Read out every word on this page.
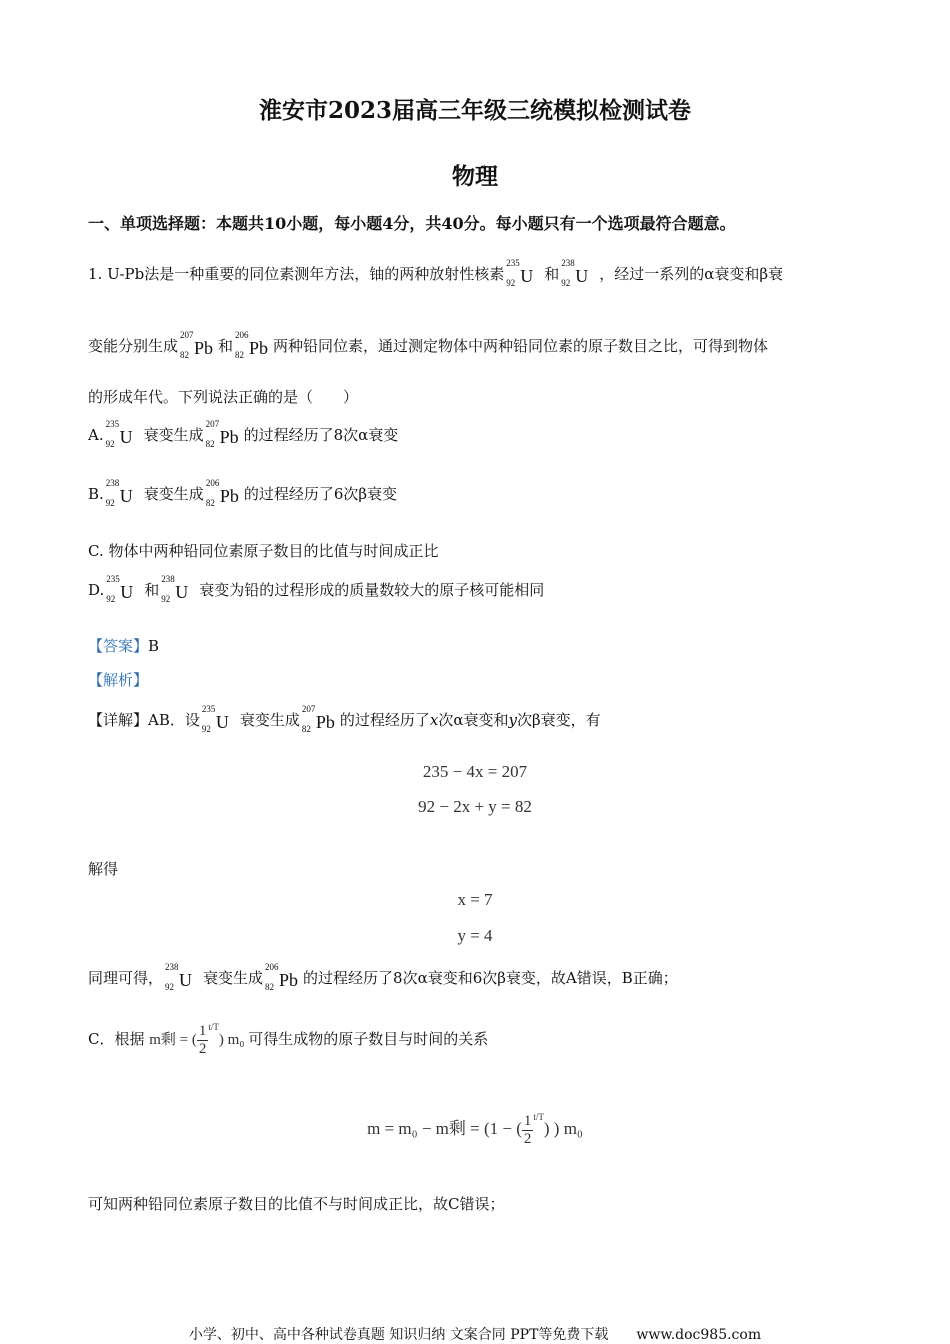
淮安市2023届高三年级三统模拟检测试卷
物理
一、单项选择题：本题共10小题，每小题4分，共40分。每小题只有一个选项最符合题意。
1. U-Pb法是一种重要的同位素测年方法，铀的两种放射性核素
235
92 U 和
238
92 U ，经过一系列的α衰变和β衰
变能分别生成
207
82 Pb 和
206
82 Pb 两种铅同位素，通过测定物体中两种铅同位素的原子数目之比，可得到物体
的形成年代。下列说法正确的是（　　）
A.
235
92 U 衰变生成
207
82 Pb 的过程经历了8次α衰变
B.
238
92 U 衰变生成
206
82 Pb 的过程经历了6次β衰变
C. 物体中两种铅同位素原子数目的比值与时间成正比
D.
235
92 U 和
238
92 U 衰变为铅的过程形成的质量数较大的原子核可能相同
【答案】B
【解析】
【详解】AB．设
235
92 U 衰变生成
207
82 Pb 的过程经历了x次α衰变和y次β衰变，有
235 − 4x = 207
92 − 2x + y = 82
解得
x = 7
y = 4
同理可得，
238
92 U 衰变生成
206
82 Pb 的过程经历了8次α衰变和6次β衰变，故A错误，B正确；
C．根据 m剩 = ( $\frac{1}{2} ^{t/T}$) m₀ 可得生成物的原子数目与时间的关系
m = m₀ − m剩 = (1 − ( $\frac{1}{2} ^{t/T}$) ) m₀
可知两种铅同位素原子数目的比值不与时间成正比，故C错误；
小学、初中、高中各种试卷真题 知识归纳 文案合同 PPT等免费下载　　www.doc985.com
